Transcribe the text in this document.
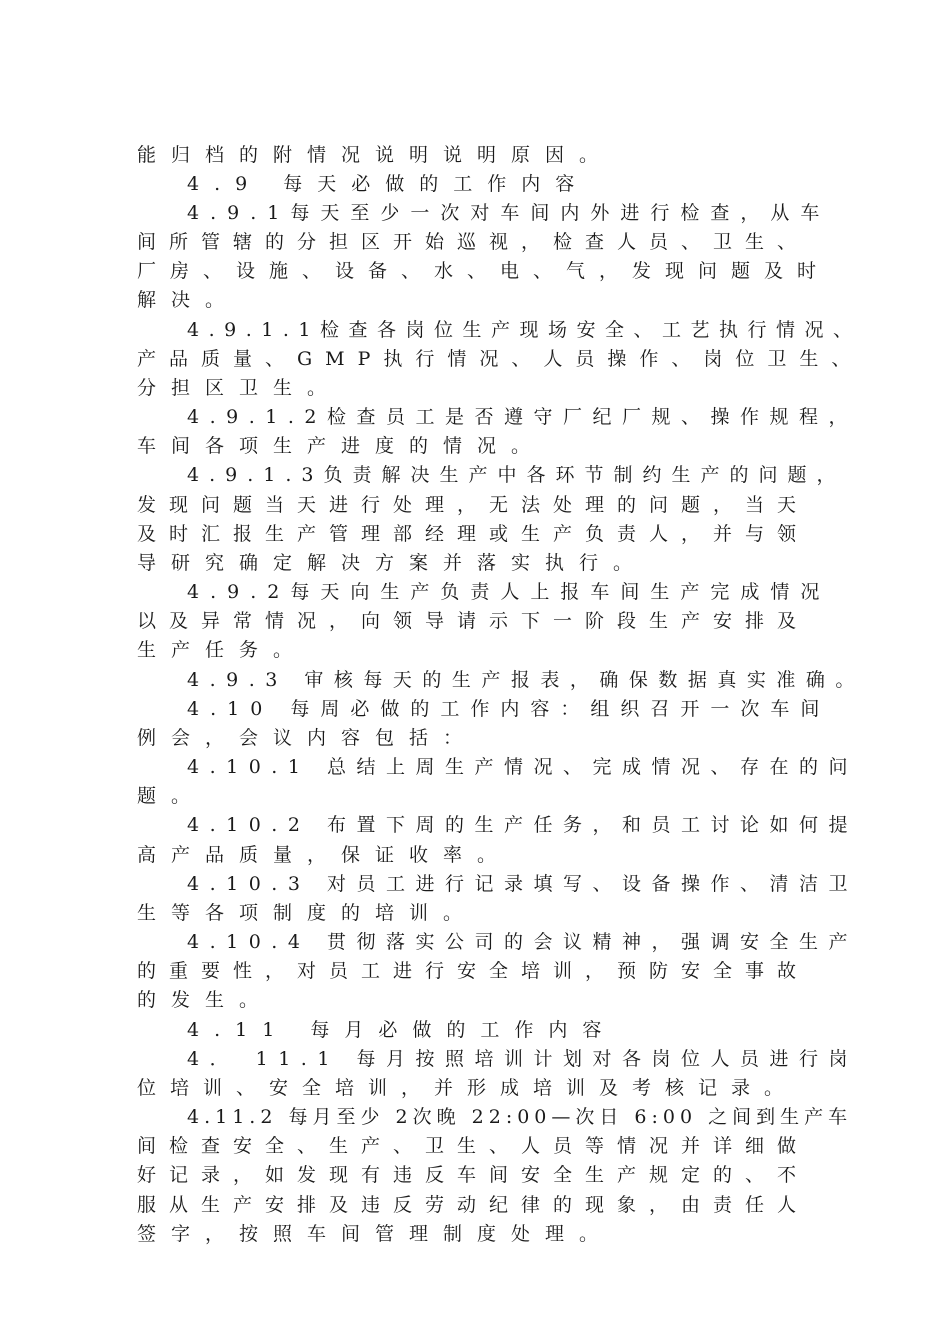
能归档的附情况说明说明原因。
4.9 每天必做的工作内容
4.9.1每天至少一次对车间内外进行检查，从车
间所管辖的分担区开始巡视，检查人员、卫生、
厂房、设施、设备、水、电、气，发现问题及时
解决。
4.9.1.1检查各岗位生产现场安全、工艺执行情况、
产品质量、GMP执行情况、人员操作、岗位卫生、
分担区卫生。
4.9.1.2检查员工是否遵守厂纪厂规、操作规程，
车间各项生产进度的情况。
4.9.1.3负责解决生产中各环节制约生产的问题，
发现问题当天进行处理，无法处理的问题，当天
及时汇报生产管理部经理或生产负责人，并与领
导研究确定解决方案并落实执行。
4.9.2每天向生产负责人上报车间生产完成情况
以及异常情况，向领导请示下一阶段生产安排及
生产任务。
4.9.3 审核每天的生产报表，确保数据真实准确。
4.10 每周必做的工作内容：组织召开一次车间
例会，会议内容包括：
4.10.1 总结上周生产情况、完成情况、存在的问
题。
4.10.2 布置下周的生产任务，和员工讨论如何提
高产品质量，保证收率。
4.10.3 对员工进行记录填写、设备操作、清洁卫
生等各项制度的培训。
4.10.4 贯彻落实公司的会议精神，强调安全生产
的重要性，对员工进行安全培训，预防安全事故
的发生。
4.11 每月必做的工作内容
4． 11.1 每月按照培训计划对各岗位人员进行岗
位培训、安全培训，并形成培训及考核记录。
4.11.2 每月至少 2次晚 22:00—次日 6:00 之间到生产车
间检查安全、生产、卫生、人员等情况并详细做
好记录，如发现有违反车间安全生产规定的、不
服从生产安排及违反劳动纪律的现象，由责任人
签字，按照车间管理制度处理。
